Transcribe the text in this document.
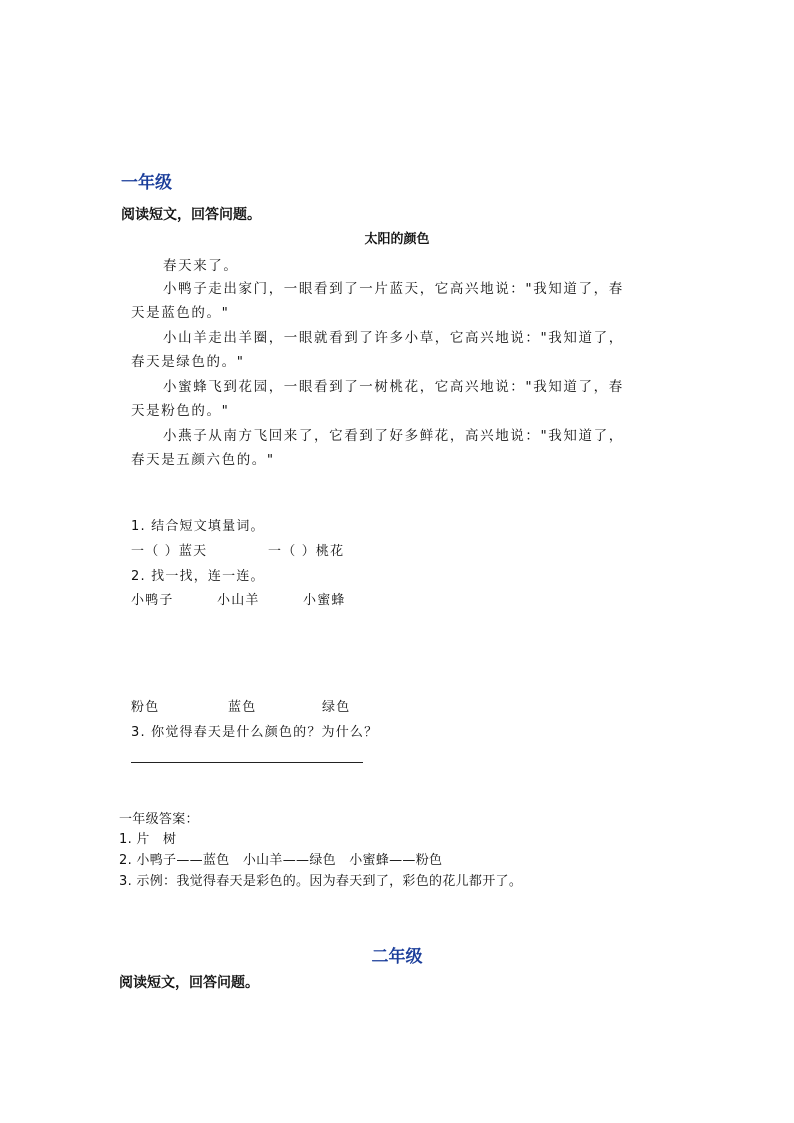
一年级
阅读短文，回答问题。
太阳的颜色
春天来了。
小鸭子走出家门，一眼看到了一片蓝天，它高兴地说："我知道了，春
天是蓝色的。"
小山羊走出羊圈，一眼就看到了许多小草，它高兴地说："我知道了，
春天是绿色的。"
小蜜蜂飞到花园，一眼看到了一树桃花，它高兴地说："我知道了，春
天是粉色的。"
小燕子从南方飞回来了，它看到了好多鲜花，高兴地说："我知道了，
春天是五颜六色的。"
1. 结合短文填量词。
一（ ）蓝天	一（ ）桃花
2. 找一找，连一连。
小鸭子	小山羊	小蜜蜂
粉色	蓝色	绿色
3. 你觉得春天是什么颜色的？为什么？
一年级答案：
1. 片　树
2. 小鸭子——蓝色　小山羊——绿色　小蜜蜂——粉色
3. 示例：我觉得春天是彩色的。因为春天到了，彩色的花儿都开了。
二年级
阅读短文，回答问题。
